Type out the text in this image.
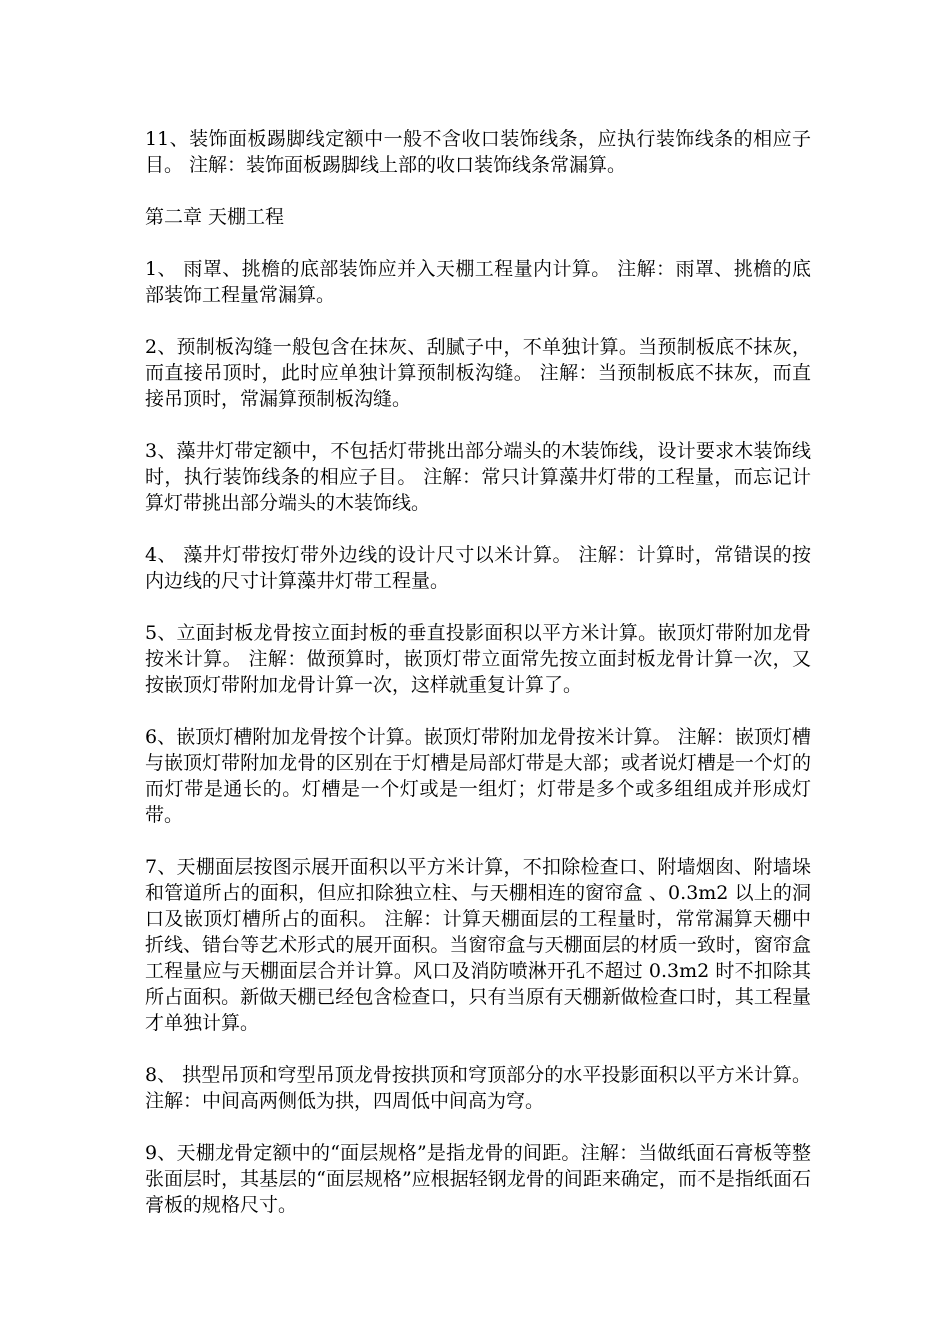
11、装饰面板踢脚线定额中一般不含收口装饰线条，应执行装饰线条的相应子目。 注解：装饰面板踢脚线上部的收口装饰线条常漏算。

第二章 天棚工程

1、 雨罩、挑檐的底部装饰应并入天棚工程量内计算。 注解：雨罩、挑檐的底部装饰工程量常漏算。

2、预制板沟缝一般包含在抹灰、刮腻子中，不单独计算。当预制板底不抹灰，而直接吊顶时，此时应单独计算预制板沟缝。 注解：当预制板底不抹灰，而直接吊顶时，常漏算预制板沟缝。

3、藻井灯带定额中，不包括灯带挑出部分端头的木装饰线，设计要求木装饰线时，执行装饰线条的相应子目。 注解：常只计算藻井灯带的工程量，而忘记计算灯带挑出部分端头的木装饰线。

4、 藻井灯带按灯带外边线的设计尺寸以米计算。 注解：计算时，常错误的按内边线的尺寸计算藻井灯带工程量。

5、立面封板龙骨按立面封板的垂直投影面积以平方米计算。嵌顶灯带附加龙骨按米计算。 注解：做预算时，嵌顶灯带立面常先按立面封板龙骨计算一次，又按嵌顶灯带附加龙骨计算一次，这样就重复计算了。

6、嵌顶灯槽附加龙骨按个计算。嵌顶灯带附加龙骨按米计算。 注解：嵌顶灯槽与嵌顶灯带附加龙骨的区别在于灯槽是局部灯带是大部；或者说灯槽是一个灯的而灯带是通长的。灯槽是一个灯或是一组灯；灯带是多个或多组组成并形成灯带。

7、天棚面层按图示展开面积以平方米计算，不扣除检查口、附墙烟囱、附墙垛和管道所占的面积，但应扣除独立柱、与天棚相连的窗帘盒 、0.3m2 以上的洞口及嵌顶灯槽所占的面积。 注解：计算天棚面层的工程量时，常常漏算天棚中折线、错台等艺术形式的展开面积。当窗帘盒与天棚面层的材质一致时，窗帘盒工程量应与天棚面层合并计算。风口及消防喷淋开孔不超过 0.3m2 时不扣除其所占面积。新做天棚已经包含检查口，只有当原有天棚新做检查口时，其工程量才单独计算。

8、 拱型吊顶和穹型吊顶龙骨按拱顶和穹顶部分的水平投影面积以平方米计算。 注解：中间高两侧低为拱，四周低中间高为穹。

9、天棚龙骨定额中的“面层规格”是指龙骨的间距。注解：当做纸面石膏板等整张面层时，其基层的“面层规格”应根据轻钢龙骨的间距来确定，而不是指纸面石膏板的规格尺寸。
